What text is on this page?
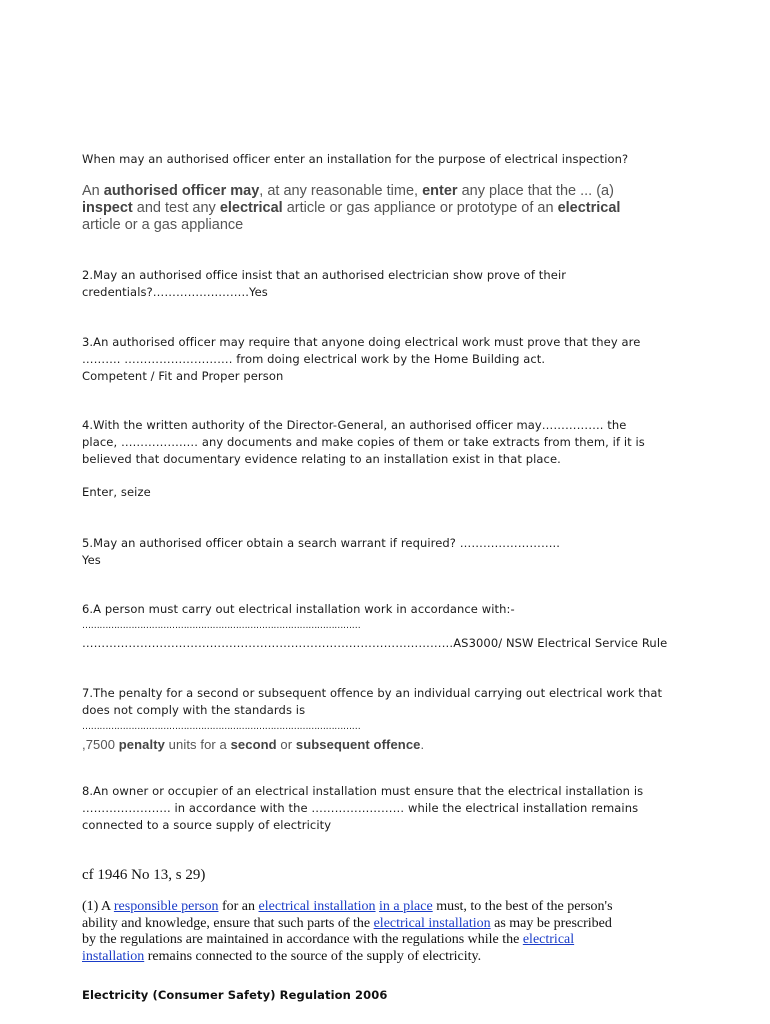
When may an authorised officer enter an installation for the purpose of electrical inspection?

An authorised officer may, at any reasonable time, enter any place that the ... (a)
inspect and test any electrical article or gas appliance or prototype of an electrical
article or a gas appliance

2.May an authorised office insist that an authorised electrician show prove of their
credentials?……………..……..Yes

3.An authorised officer may require that anyone doing electrical work must prove that they are
………. ………………………. from doing electrical work by the Home Building act.
Competent / Fit and Proper person

4.With the written authority of the Director-General, an authorised officer may……………. the
place, ……………..… any documents and make copies of them or take extracts from them, if it is
believed that documentary evidence relating to an installation exist in that place.

Enter, seize

5.May an authorised officer obtain a search warrant if required? ……………………..
Yes

6.A person must carry out electrical installation work in accordance with:-
……………………………………………………………………………………
……………………………………………………………………………………AS3000/ NSW Electrical Service Rule

7.The penalty for a second or subsequent offence by an individual carrying out electrical work that
does not comply with the standards is
……………………………………………………………………………………
,7500 penalty units for a second or subsequent offence.

8.An owner or occupier of an electrical installation must ensure that the electrical installation is
………………….. in accordance with the …………………… while the electrical installation remains
connected to a source supply of electricity

cf 1946 No 13, s 29)

(1) A responsible person for an electrical installation in a place must, to the best of the person's
ability and knowledge, ensure that such parts of the electrical installation as may be prescribed
by the regulations are maintained in accordance with the regulations while the electrical
installation remains connected to the source of the supply of electricity.

Electricity (Consumer Safety) Regulation 2006
